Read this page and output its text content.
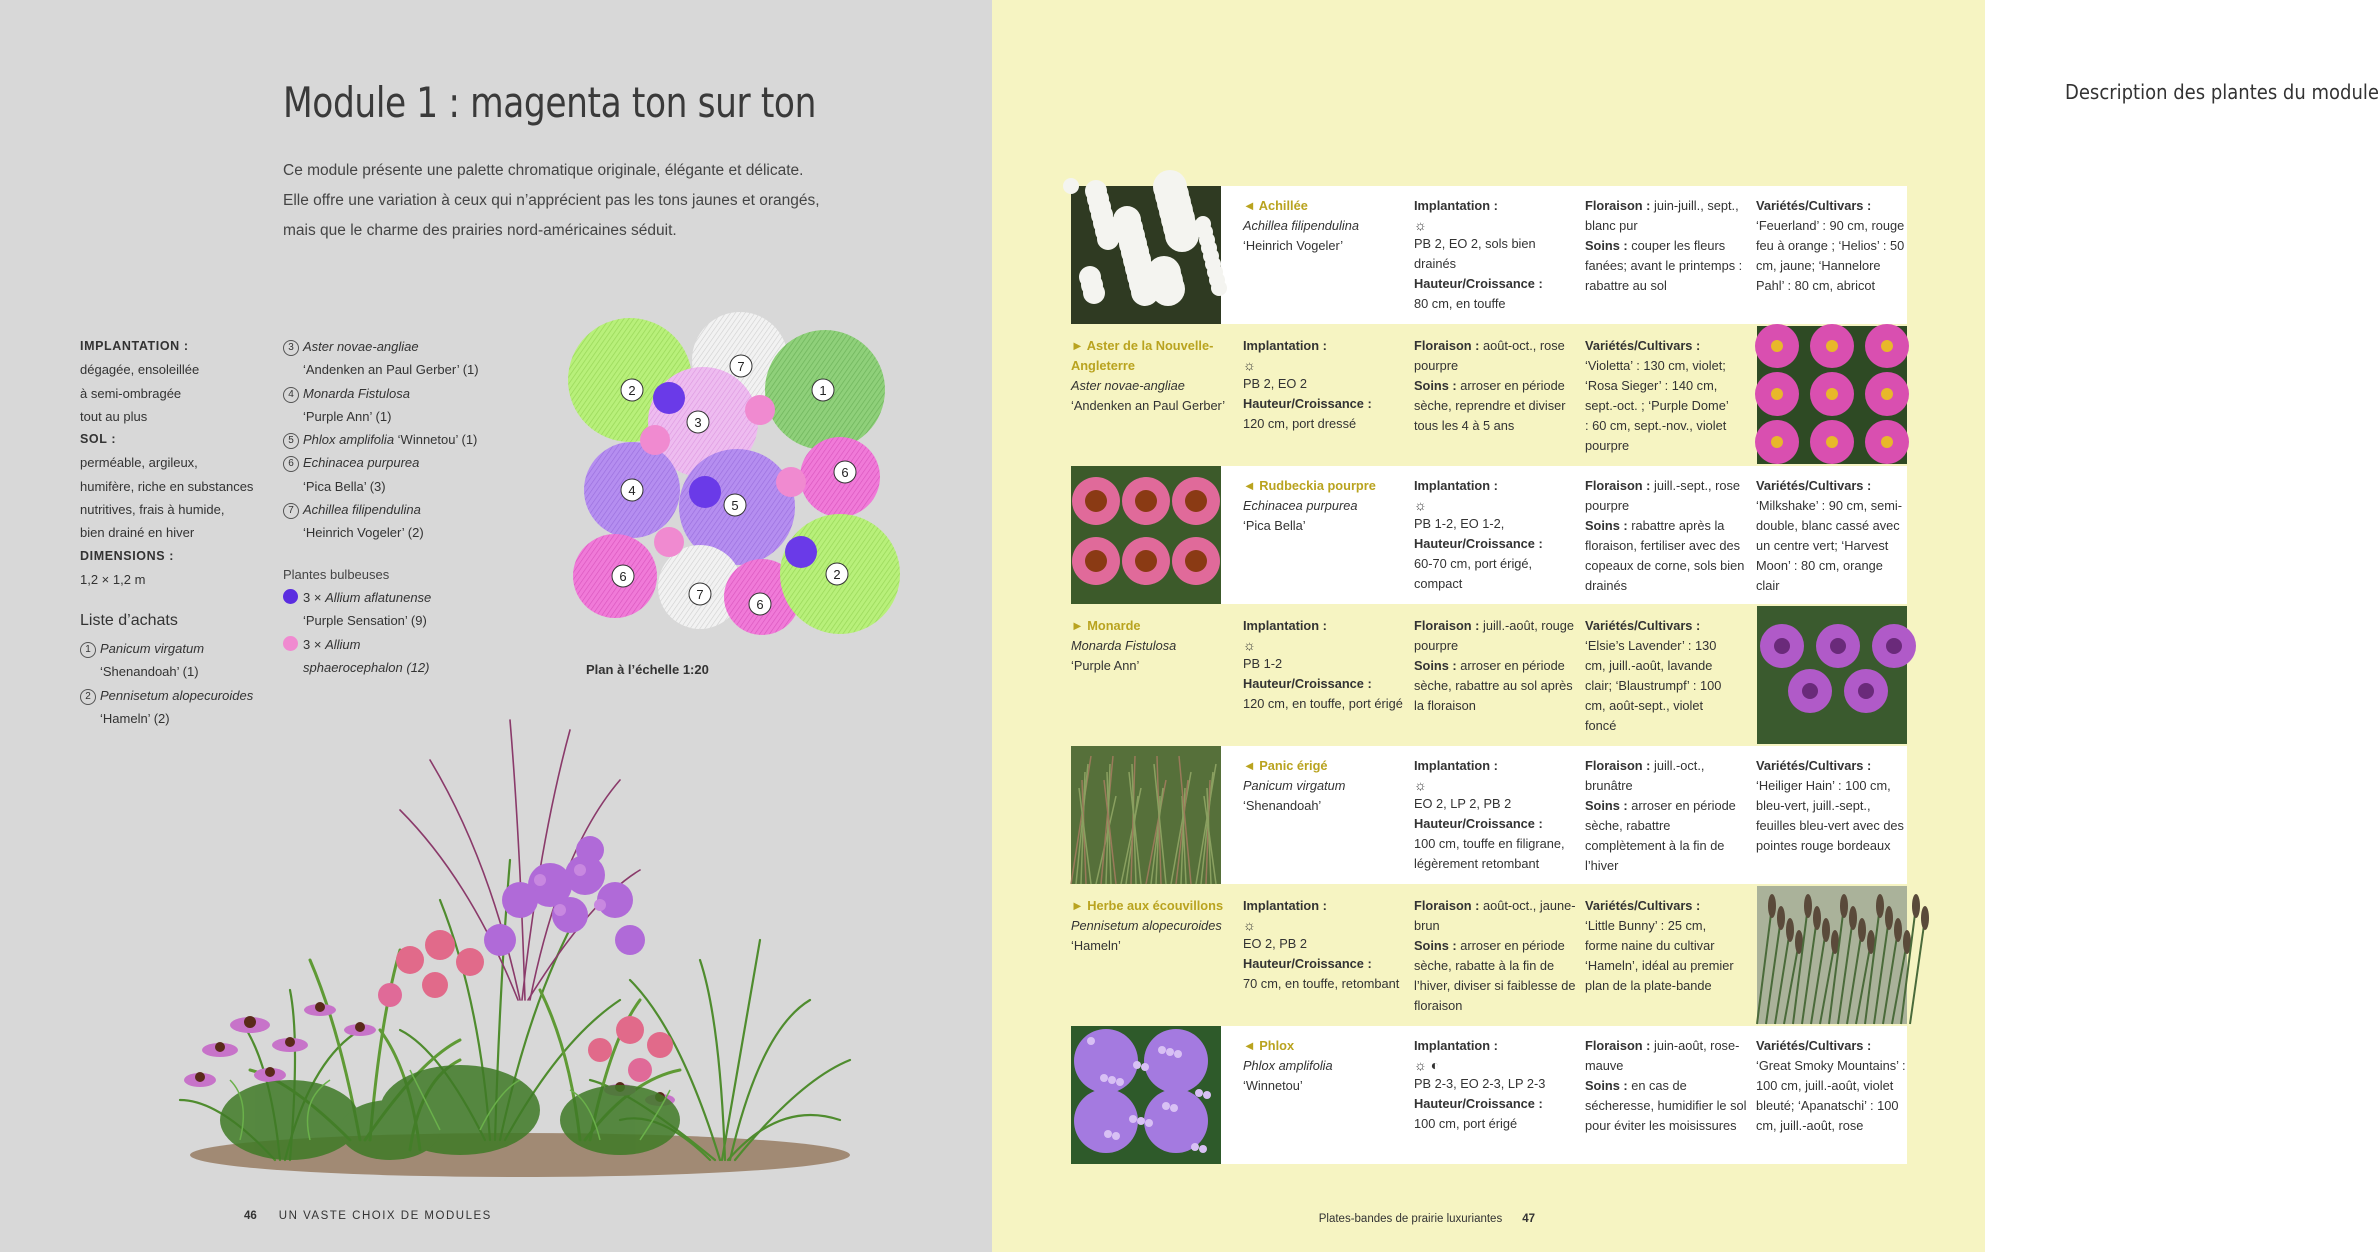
Module 1 : magenta ton sur ton
Ce module présente une palette chromatique originale, élégante et délicate.
Elle offre une variation à ceux qui n’apprécient pas les tons jaunes et orangés,
mais que le charme des prairies nord-américaines séduit.
IMPLANTATION :
dégagée, ensoleillée
à semi-ombragée
tout au plus
SOL :
perméable, argileux,
humifère, riche en substances
nutritives, frais à humide,
bien drainé en hiver
DIMENSIONS :
1,2 × 1,2 m
Liste d’achats
1 Panicum virgatum
‘Shenandoah’ (1)
2 Pennisetum alopecuroides
‘Hameln’ (2)
3 Aster novae-angliae
‘Andenken an Paul Gerber’ (1)
4 Monarda Fistulosa
‘Purple Ann’ (1)
5 Phlox amplifolia ‘Winnetou’ (1)
6 Echinacea purpurea
‘Pica Bella’ (3)
7 Achillea filipendulina
‘Heinrich Vogeler’ (2)
Plantes bulbeuses
3 × Allium aflatunense
‘Purple Sensation’ (9)
3 × Allium
sphaerocephalon (12)
2
7
1
3
6
4
5
6
7
6
2
Plan à l’échelle 1:20
46 UN VASTE CHOIX DE MODULES
Description des plantes du module
Plates-bandes de prairie luxuriantes 47
◄ Achillée
Achillea filipendulina
‘Heinrich Vogeler’
Implantation :
☼
PB 2, EO 2, sols bien drainés
Hauteur/Croissance :
80 cm, en touffe
Floraison : juin-juill., sept., blanc pur
Soins : couper les fleurs fanées; avant le printemps : rabattre au sol
Variétés/Cultivars :
‘Feuerland’ : 90 cm, rouge feu à orange ; ‘Helios’ : 50 cm, jaune; ‘Hannelore Pahl’ : 80 cm, abricot
► Aster de la Nouvelle-Angleterre
Aster novae-angliae
‘Andenken an Paul Gerber’
Implantation :
☼
PB 2, EO 2
Hauteur/Croissance :
120 cm, port dressé
Floraison : août-oct., rose pourpre
Soins : arroser en période sèche, reprendre et diviser tous les 4 à 5 ans
Variétés/Cultivars :
‘Violetta’ : 130 cm, violet; ‘Rosa Sieger’ : 140 cm, sept.-oct. ; ‘Purple Dome’ : 60 cm, sept.-nov., violet pourpre
◄ Rudbeckia pourpre
Echinacea purpurea
‘Pica Bella’
Implantation :
☼
PB 1-2, EO 1-2,
Hauteur/Croissance :
60-70 cm, port érigé, compact
Floraison : juill.-sept., rose pourpre
Soins : rabattre après la floraison, fertiliser avec des copeaux de corne, sols bien drainés
Variétés/Cultivars :
‘Milkshake’ : 90 cm, semi-double, blanc cassé avec un centre vert; ‘Harvest Moon’ : 80 cm, orange clair
► Monarde
Monarda Fistulosa
‘Purple Ann’
Implantation :
☼
PB 1-2
Hauteur/Croissance :
120 cm, en touffe, port érigé
Floraison : juill.-août, rouge pourpre
Soins : arroser en période sèche, rabattre au sol après la floraison
Variétés/Cultivars :
‘Elsie’s Lavender’ : 130 cm, juill.-août, lavande clair; ‘Blaustrumpf’ : 100 cm, août-sept., violet foncé
◄ Panic érigé
Panicum virgatum
‘Shenandoah’
Implantation :
☼
EO 2, LP 2, PB 2
Hauteur/Croissance :
100 cm, touffe en filigrane, légèrement retombant
Floraison : juill.-oct., brunâtre
Soins : arroser en période sèche, rabattre complètement à la fin de l’hiver
Variétés/Cultivars :
‘Heiliger Hain’ : 100 cm, bleu-vert, juill.-sept., feuilles bleu-vert avec des pointes rouge bordeaux
► Herbe aux écouvillons
Pennisetum alopecuroides
‘Hameln’
Implantation :
☼
EO 2, PB 2
Hauteur/Croissance :
70 cm, en touffe, retombant
Floraison : août-oct., jaune-brun
Soins : arroser en période sèche, rabatte à la fin de l’hiver, diviser si faiblesse de floraison
Variétés/Cultivars :
‘Little Bunny’ : 25 cm, forme naine du cultivar ‘Hameln’, idéal au premier plan de la plate-bande
◄ Phlox
Phlox amplifolia
‘Winnetou’
Implantation :
☼ ◐
PB 2-3, EO 2-3, LP 2-3
Hauteur/Croissance :
100 cm, port érigé
Floraison : juin-août, rose-mauve
Soins : en cas de sécheresse, humidifier le sol pour éviter les moisissures
Variétés/Cultivars :
‘Great Smoky Mountains’ : 100 cm, juill.-août, violet bleuté; ‘Apanatschi’ : 100 cm, juill.-août, rose
